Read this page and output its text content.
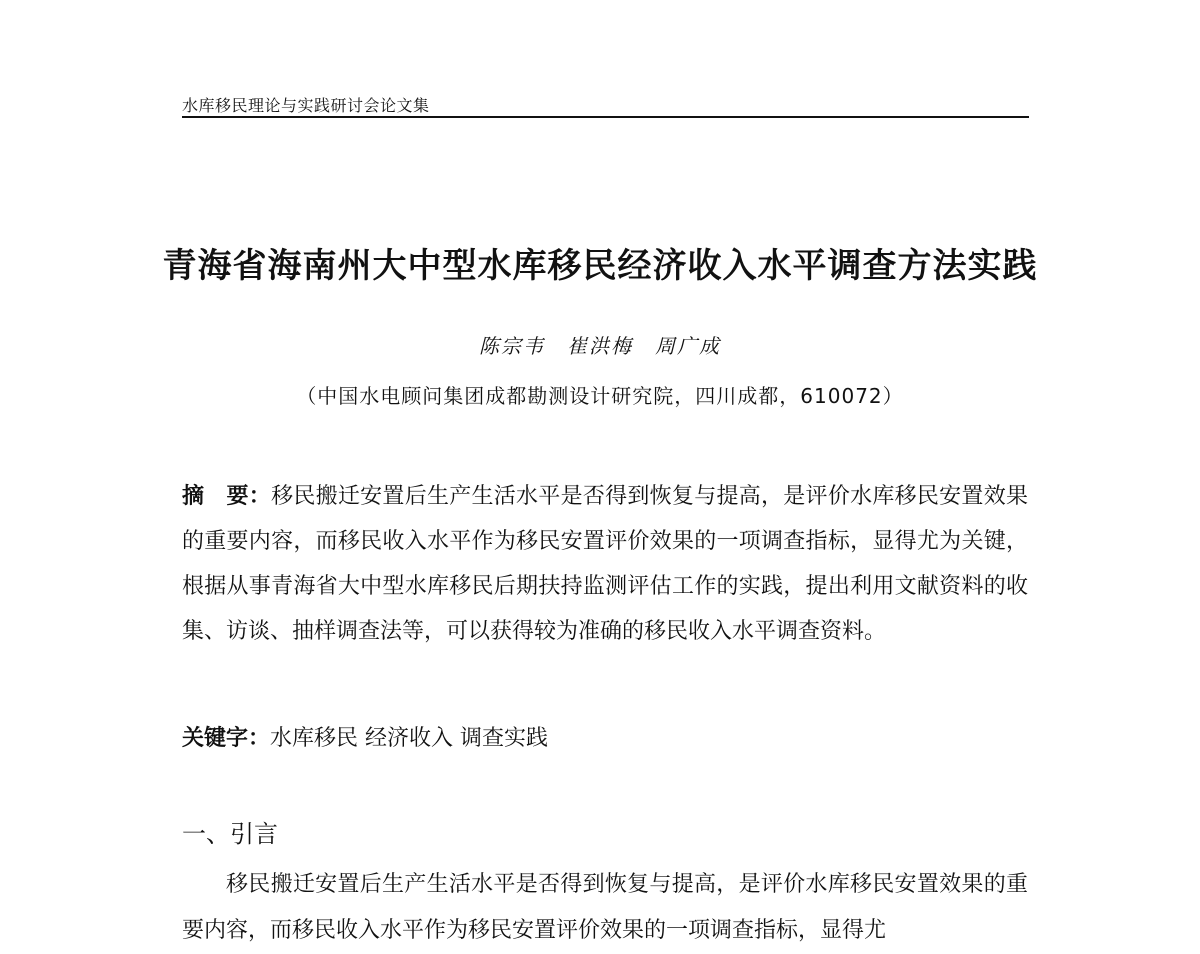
水库移民理论与实践研讨会论文集
青海省海南州大中型水库移民经济收入水平调查方法实践
陈宗韦　崔洪梅　周广成
（中国水电顾问集团成都勘测设计研究院，四川成都，610072）
摘　要：移民搬迁安置后生产生活水平是否得到恢复与提高，是评价水库移民安置效果的重要内容，而移民收入水平作为移民安置评价效果的一项调查指标，显得尤为关键，根据从事青海省大中型水库移民后期扶持监测评估工作的实践，提出利用文献资料的收集、访谈、抽样调查法等，可以获得较为准确的移民收入水平调查资料。
关键字：水库移民 经济收入 调查实践
一、引言
移民搬迁安置后生产生活水平是否得到恢复与提高，是评价水库移民安置效果的重要内容，而移民收入水平作为移民安置评价效果的一项调查指标，显得尤
